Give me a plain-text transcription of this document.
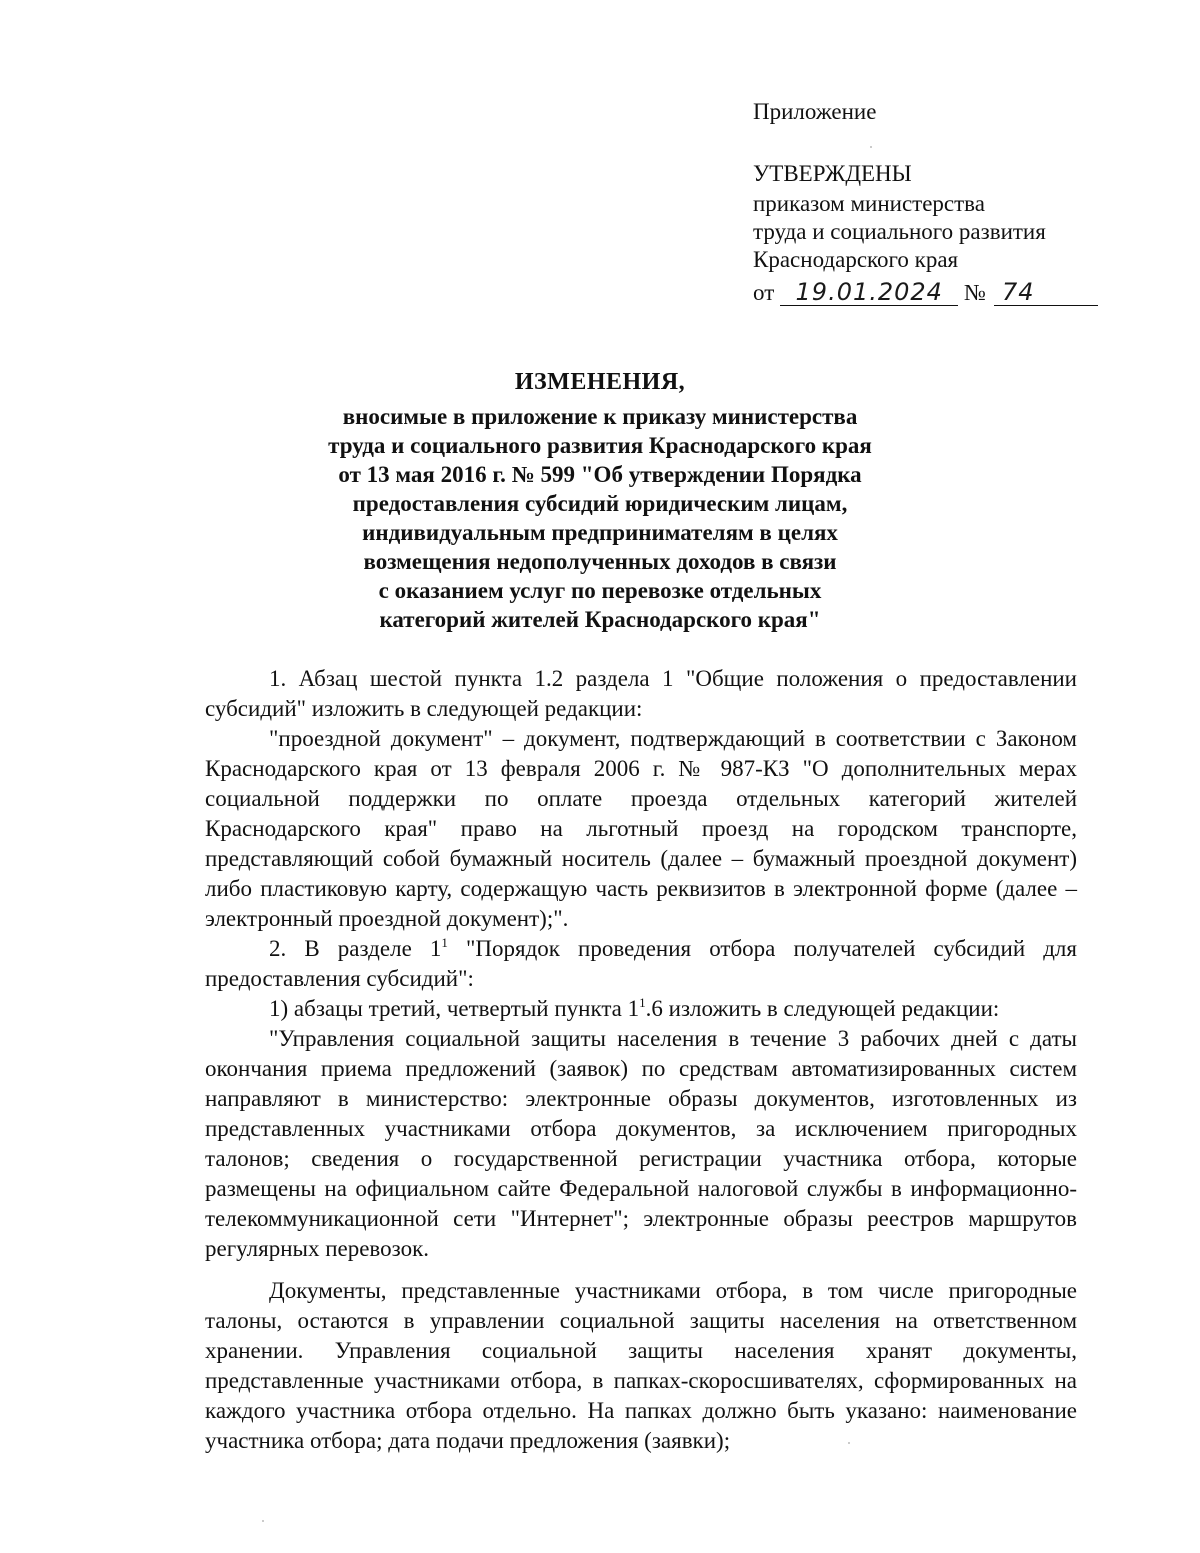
Приложение
УТВЕРЖДЕНЫ
приказом министерства
труда и социального развития
Краснодарского края
от 19.01.2024 № 74
ИЗМЕНЕНИЯ,
вносимые в приложение к приказу министерства
труда и социального развития Краснодарского края
от 13 мая 2016 г. № 599 "Об утверждении Порядка
предоставления субсидий юридическим лицам,
индивидуальным предпринимателям в целях
возмещения недополученных доходов в связи
с оказанием услуг по перевозке отдельных
категорий жителей Краснодарского края"

1. Абзац шестой пункта 1.2 раздела 1 "Общие положения о предоставлении субсидий" изложить в следующей редакции:

"проездной документ" – документ, подтверждающий в соответствии с Законом Краснодарского края от 13 февраля 2006 г. № 987-КЗ "О дополнительных мерах социальной поддержки по оплате проезда отдельных категорий жителей Краснодарского края" право на льготный проезд на городском транспорте, представляющий собой бумажный носитель (далее – бумажный проездной документ) либо пластиковую карту, содержащую часть реквизитов в электронной форме (далее – электронный проездной документ);".

2. В разделе $1^1$ "Порядок проведения отбора получателей субсидий для предоставления субсидий":

1) абзацы третий, четвертый пункта $1^1.6$ изложить в следующей редакции:

"Управления социальной защиты населения в течение 3 рабочих дней с даты окончания приема предложений (заявок) по средствам автоматизированных систем направляют в министерство: электронные образы документов, изготовленных из представленных участниками отбора документов, за исключением пригородных талонов; сведения о государственной регистрации участника отбора, которые размещены на официальном сайте Федеральной налоговой службы в информационно-телекоммуникационной сети "Интернет"; электронные образы реестров маршрутов регулярных перевозок.

Документы, представленные участниками отбора, в том числе пригородные талоны, остаются в управлении социальной защиты населения на ответственном хранении. Управления социальной защиты населения хранят документы, представленные участниками отбора, в папках-скоросшивателях, сформированных на каждого участника отбора отдельно. На папках должно быть указано: наименование участника отбора; дата подачи предложения (заявки);
